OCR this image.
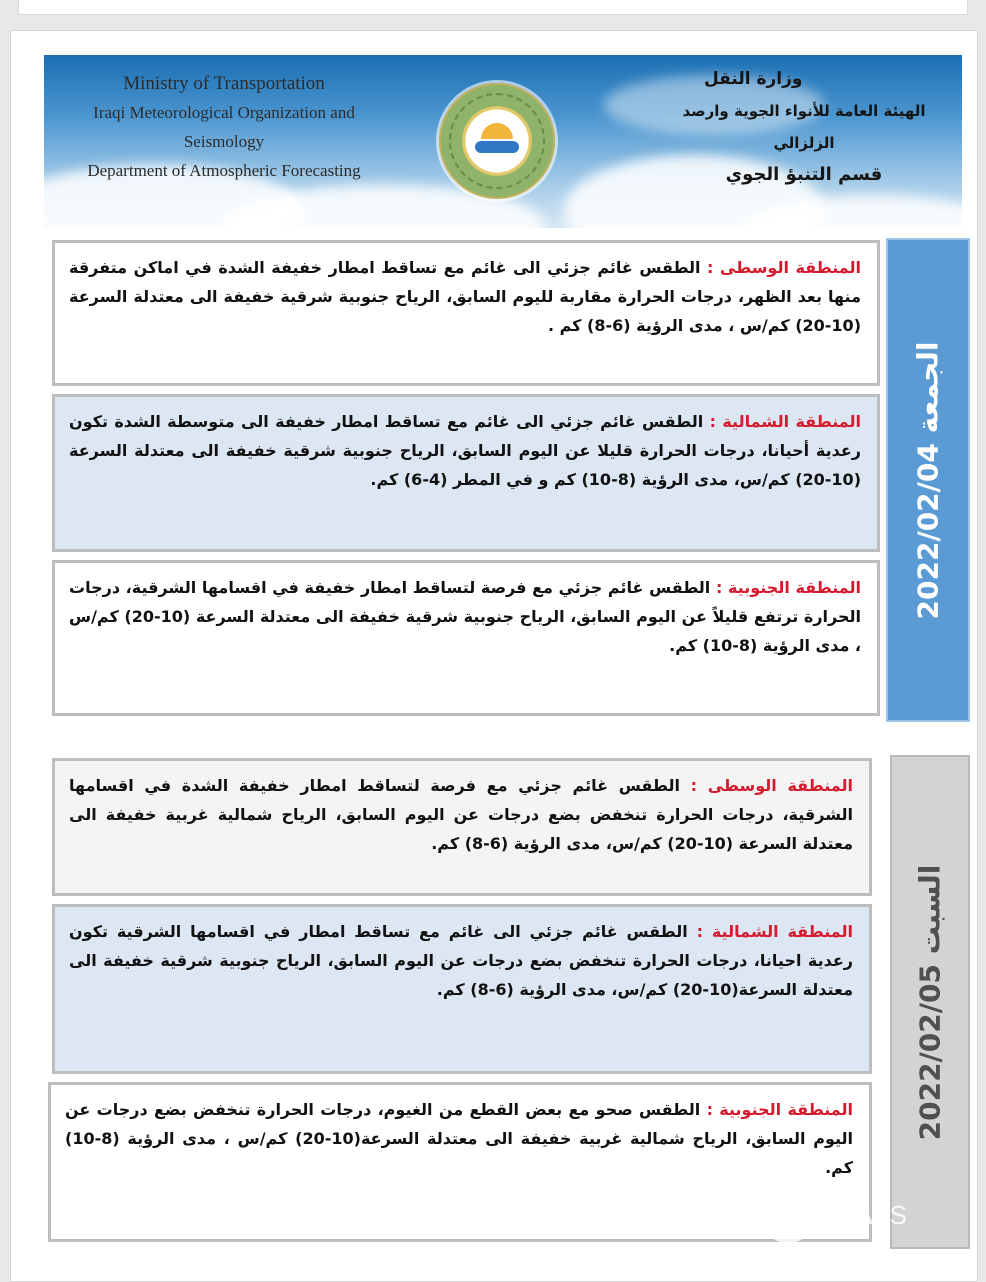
Ministry of Transportation
Iraqi Meteorological Organization and Seismology
Department of Atmospheric Forecasting
وزارة النقل
الهيئة العامة للأنواء الجوية وارصد الزلزالي
قسم التنبؤ الجوي
الجمعة 2022/02/04
المنطقة الوسطى : الطقس غائم جزئي الى غائم مع تساقط امطار خفيفة الشدة في اماكن متفرقة منها بعد الظهر، درجات الحرارة مقاربة لليوم السابق، الرياح جنوبية شرقية خفيفة الى معتدلة السرعة (10-20) كم/س ، مدى الرؤية (6-8) كم .
المنطقة الشمالية : الطقس غائم جزئي الى غائم مع تساقط امطار خفيفة الى متوسطة الشدة تكون رعدية أحيانا، درجات الحرارة قليلا عن اليوم السابق، الرياح جنوبية شرقية خفيفة الى معتدلة السرعة (10-20) كم/س، مدى الرؤية (8-10) كم و في المطر (4-6) كم.
المنطقة الجنوبية : الطقس غائم جزئي مع فرصة لتساقط امطار خفيفة في اقسامها الشرقية، درجات الحرارة ترتفع قليلاً عن اليوم السابق، الرياح جنوبية شرقية خفيفة الى معتدلة السرعة (10-20) كم/س ، مدى الرؤية (8-10) كم.
السبت 2022/02/05
المنطقة الوسطى : الطقس غائم جزئي مع فرصة لتساقط امطار خفيفة الشدة في اقسامها الشرقية، درجات الحرارة تنخفض بضع درجات عن اليوم السابق، الرياح شمالية غربية خفيفة الى معتدلة السرعة (10-20) كم/س، مدى الرؤية (6-8) كم.
المنطقة الشمالية : الطقس غائم جزئي الى غائم مع تساقط امطار في اقسامها الشرقية تكون رعدية احيانا، درجات الحرارة تنخفض بضع درجات عن اليوم السابق، الرياح جنوبية شرقية خفيفة الى معتدلة السرعة(10-20) كم/س، مدى الرؤية (6-8) كم.
المنطقة الجنوبية : الطقس صحو مع بعض القطع من الغيوم، درجات الحرارة تنخفض بضع درجات عن اليوم السابق، الرياح شمالية غربية خفيفة الى معتدلة السرعة(10-20) كم/س ، مدى الرؤية (8-10) كم.
NEWS
